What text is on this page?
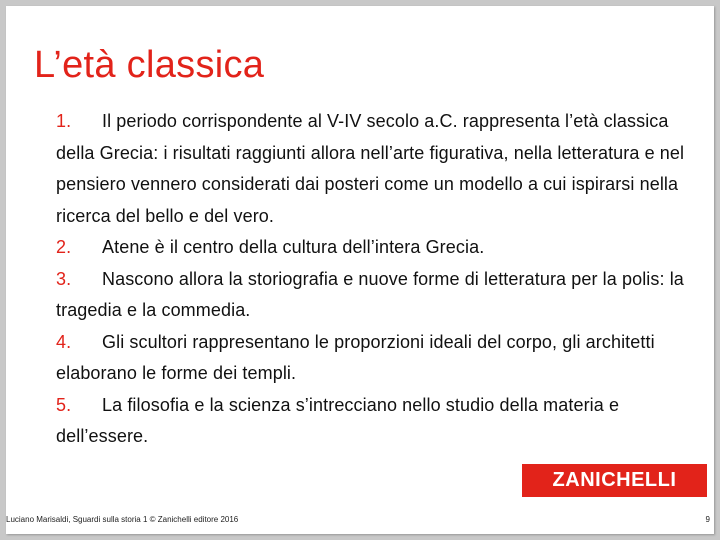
L’età classica

1. Il periodo corrispondente al V-IV secolo a.C. rappresenta l’età classica della Grecia: i risultati raggiunti allora nell’arte figurativa, nella letteratura e nel pensiero vennero considerati dai posteri come un modello a cui ispirarsi nella ricerca del bello e del vero.

2. Atene è il centro della cultura dell’intera Grecia.

3. Nascono allora la storiografia e nuove forme di letteratura per la polis: la tragedia e la commedia.

4. Gli scultori rappresentano le proporzioni ideali del corpo, gli architetti elaborano le forme dei templi.

5. La filosofia e la scienza s’intrecciano nello studio della materia e dell’essere.

ZANICHELLI
Luciano Marisaldi, Sguardi sulla storia 1 © Zanichelli editore 2016	9
